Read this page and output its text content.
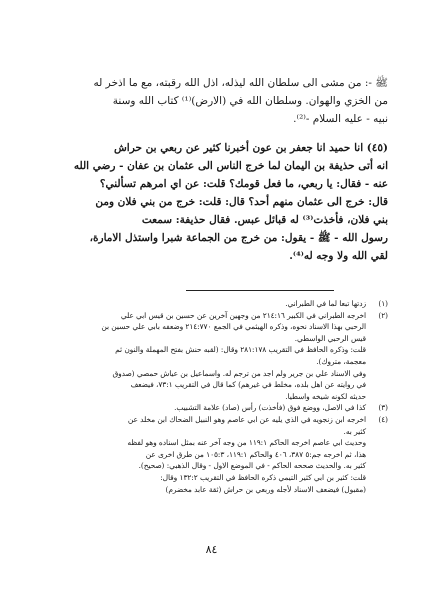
ﷺ -: من مشى الى سلطان الله ليذله، اذل الله رقبته، مع ما اذخر له
من الخزي والهوان. وسلطان الله في (الارض)⁽¹⁾ كتاب الله وسنة
نبيه - عليه السلام -⁽²⁾.
(٤٥) انا حميد انا جعفر بن عون أخبرنا كثير عن ربعي بن حراش
انه أتى حذيفة بن اليمان لما خرج الناس الى عثمان بن عفان - رضي الله
عنه - فقال: يا ربعي، ما فعل قومك؟ قلت: عن اي امرهم تسألني؟
قال: خرج الى عثمان منهم أحد؟ قال: قلت: خرج من بني فلان ومن
بني فلان، فأخذت⁽³⁾ له قبائل عبس. فقال حذيفة: سمعت
رسول الله - ﷺ - يقول: من خرج من الجماعة شبرا واستذل الامارة،
لقي الله ولا وجه له⁽⁴⁾.
(١)زدتها تبعا لما في الطبراني.
(٢)اخرجه الطبراني في الكبير ٢١٤:١٦ من وجهين آخرين عن حسين بن قيس ابي علي
الرحبي بهذا الاسناد نحوه، وذكره الهيثمي في الجمع ٢١٤:٧٧٠ وضعفه بابي علي حسين بن
قيس الرحبي الواسطي.
قلت: وذكره الحافظ في التقريب ٢٨١:١٧٨ وقال: (لقبه حنش بفتح المهملة والنون ثم
معجمة، متروك).
وفي الاسناد علي بن جرير ولم اجد من ترجم له. واسماعيل بن عياش حمصي (صدوق
في روايته عن اهل بلده، مخلط في غيرهم) كما قال في التقريب ٧٣:١، فيضعف
حديثه لكونه شيخه واسطيا.
(٣)كذا في الاصل، ووضع فوق (فأخذت) رأس (صاد) علامة التشبيب.
(٤)اخرجه ابن زنجويه في الذي يليه عن ابي عاصم وهو النبيل الضحاك ابن مخلد عن
كثير به.
وحديث ابي عاصم اخرجه الحاكم ١١٩:١ من وجه آخر عنه بمثل اسناده وهو لفظه
هذا، ثم اخرجه جم:٥ ٣٨٧، ٤٠٦ والحاكم ١١٩:١، ١٠٥:٣ من طرق اخرى عن
كثير به. والحديث صححه الحاكم - في الموضع الاول - وقال الذهبي: (صحيح).
قلت: كثير بن ابي كثير التيمي ذكره الحافظ في التقريب ١٣٢:٢ وقال:
(مقبول) فيضعف الاسناد لأجله وربعي بن حراش (ثقة عابد مخضرم)
٨٤
